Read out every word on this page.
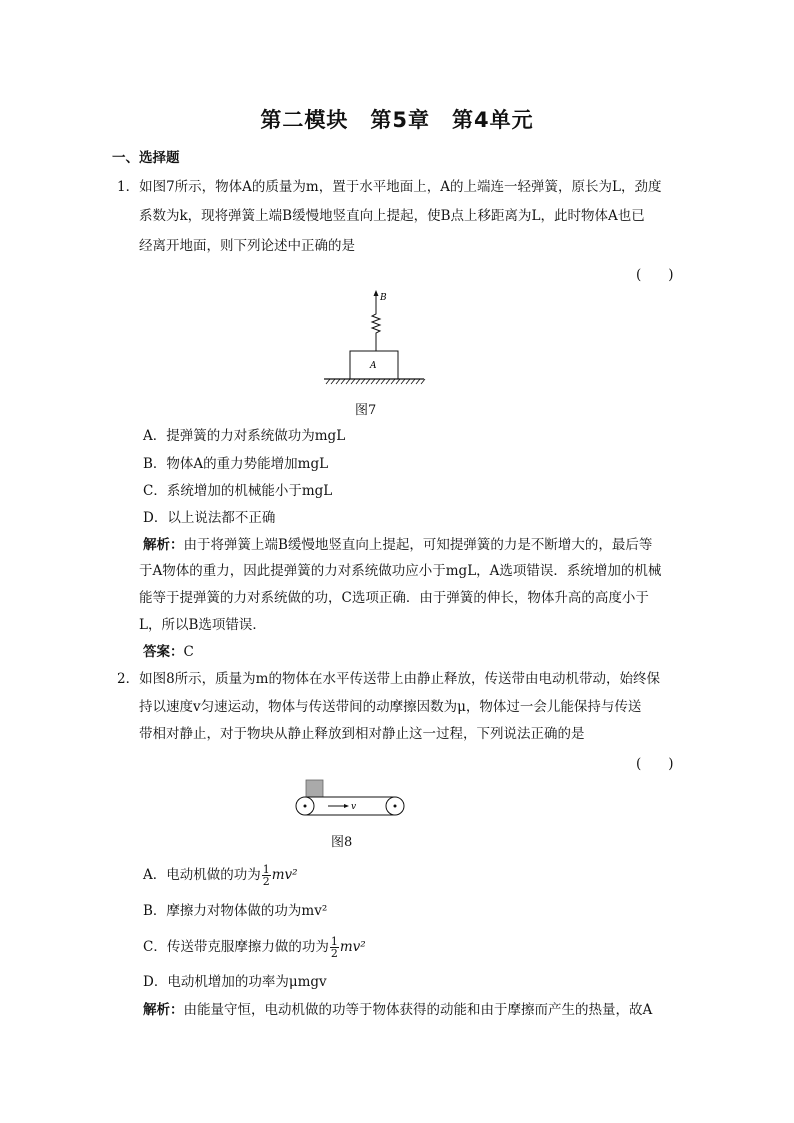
第二模块　第5章　第4单元
一、选择题
1．如图7所示，物体A的质量为m，置于水平地面上，A的上端连一轻弹簧，原长为L，劲度
系数为k，现将弹簧上端B缓慢地竖直向上提起，使B点上移距离为L，此时物体A也已
经离开地面，则下列论述中正确的是
(　　)
B
A
图7
A．提弹簧的力对系统做功为mgL
B．物体A的重力势能增加mgL
C．系统增加的机械能小于mgL
D．以上说法都不正确
解析：由于将弹簧上端B缓慢地竖直向上提起，可知提弹簧的力是不断增大的，最后等
于A物体的重力，因此提弹簧的力对系统做功应小于mgL，A选项错误．系统增加的机械
能等于提弹簧的力对系统做的功，C选项正确．由于弹簧的伸长，物体升高的高度小于
L，所以B选项错误．
答案：C
2．如图8所示，质量为m的物体在水平传送带上由静止释放，传送带由电动机带动，始终保
持以速度v匀速运动，物体与传送带间的动摩擦因数为μ，物体过一会儿能保持与传送
带相对静止，对于物块从静止释放到相对静止这一过程，下列说法正确的是
(　　)
v
图8
A．电动机做的功为 $\frac{1}{2} mv^2$
B．摩擦力对物体做的功为mv²
C．传送带克服摩擦力做的功为 $\frac{1}{2} mv^2$
D．电动机增加的功率为μmgv
解析：由能量守恒，电动机做的功等于物体获得的动能和由于摩擦而产生的热量，故A
